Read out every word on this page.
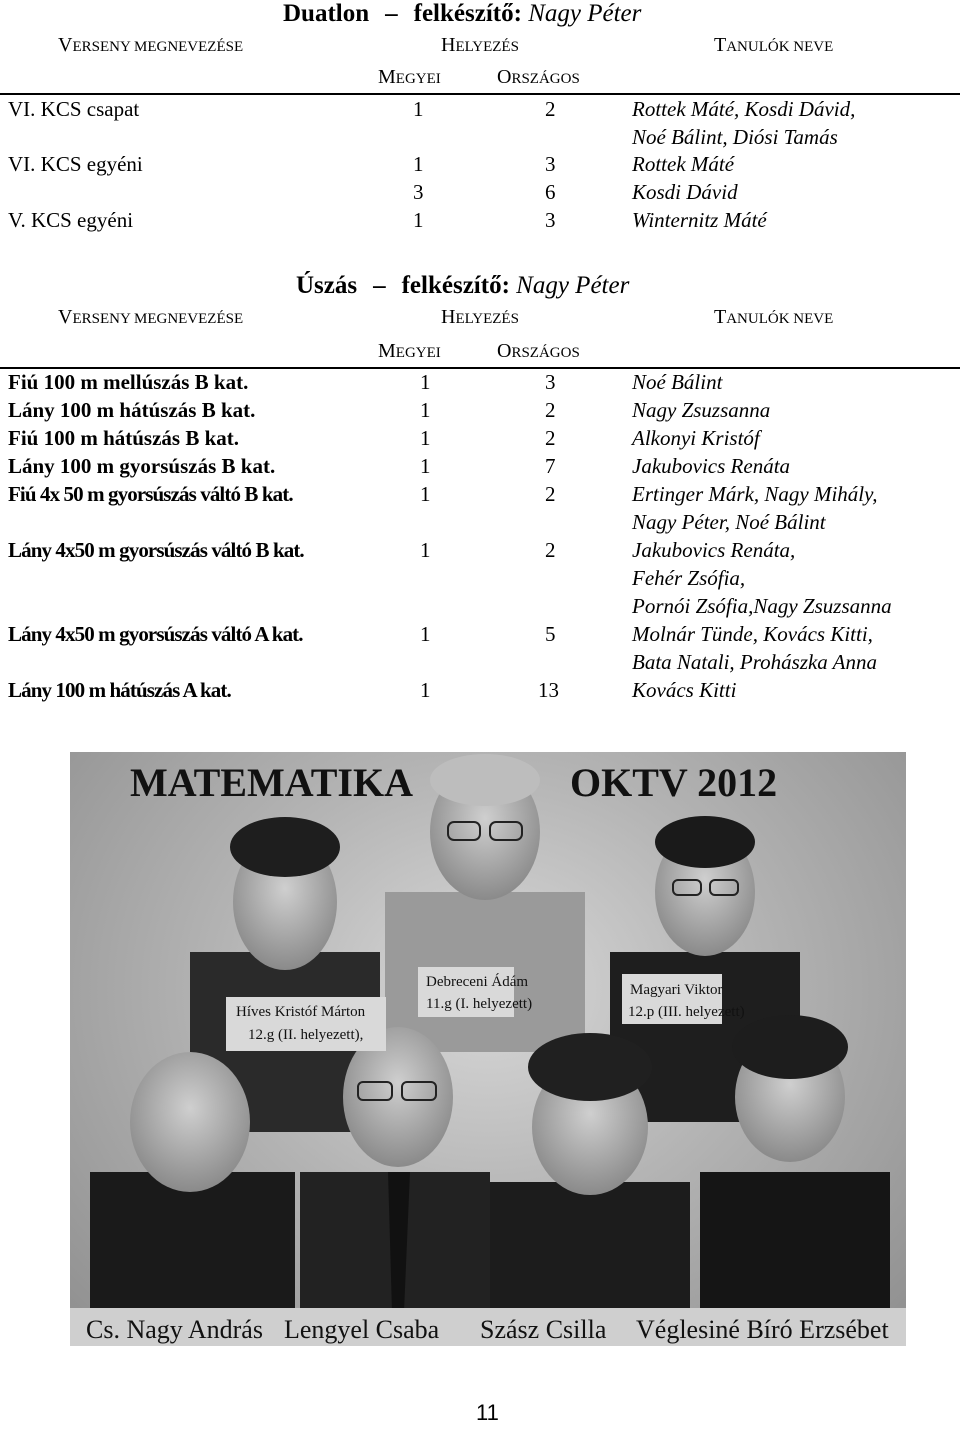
Duatlon – felkészítő: Nagy Péter
VERSENY MEGNEVEZÉSE	HELYEZÉS	TANULÓK NEVE
MEGYEI	ORSZÁGOS
VI. KCS csapat	1	2	Rottek Máté, Kosdi Dávid,
Noé Bálint, Diósi Tamás
VI. KCS egyéni	1	3	Rottek Máté
3	6	Kosdi Dávid
V. KCS egyéni	1	3	Winternitz Máté
Úszás – felkészítő: Nagy Péter
VERSENY MEGNEVEZÉSE	HELYEZÉS	TANULÓK NEVE
MEGYEI	ORSZÁGOS
Fiú 100 m mellúszás B kat.	1	3	Noé Bálint
Lány 100 m hátúszás B kat.	1	2	Nagy Zsuzsanna
Fiú 100 m hátúszás B kat.	1	2	Alkonyi Kristóf
Lány 100 m gyorsúszás B kat.	1	7	Jakubovics Renáta
Fiú 4x 50 m gyorsúszás váltó B kat.	1	2	Ertinger Márk, Nagy Mihály,
Nagy Péter, Noé Bálint
Lány 4x50 m gyorsúszás váltó B kat.	1	2	Jakubovics Renáta,
Fehér Zsófia,
Pornói Zsófia,Nagy Zsuzsanna
Lány 4x50 m gyorsúszás váltó A kat.	1	5	Molnár Tünde, Kovács Kitti,
Bata Natali, Prohászka Anna
Lány 100 m hátúszás A kat.	1	13	Kovács Kitti
MATEMATIKA	OKTV 2012
Híves Kristóf Márton
12.g (II. helyezett),
Debreceni Ádám
11.g (I. helyezett)
Magyari Viktor
12.p (III. helyezett)
Cs. Nagy András Lengyel Csaba Szász Csilla Véglesiné Bíró Erzsébet
11
